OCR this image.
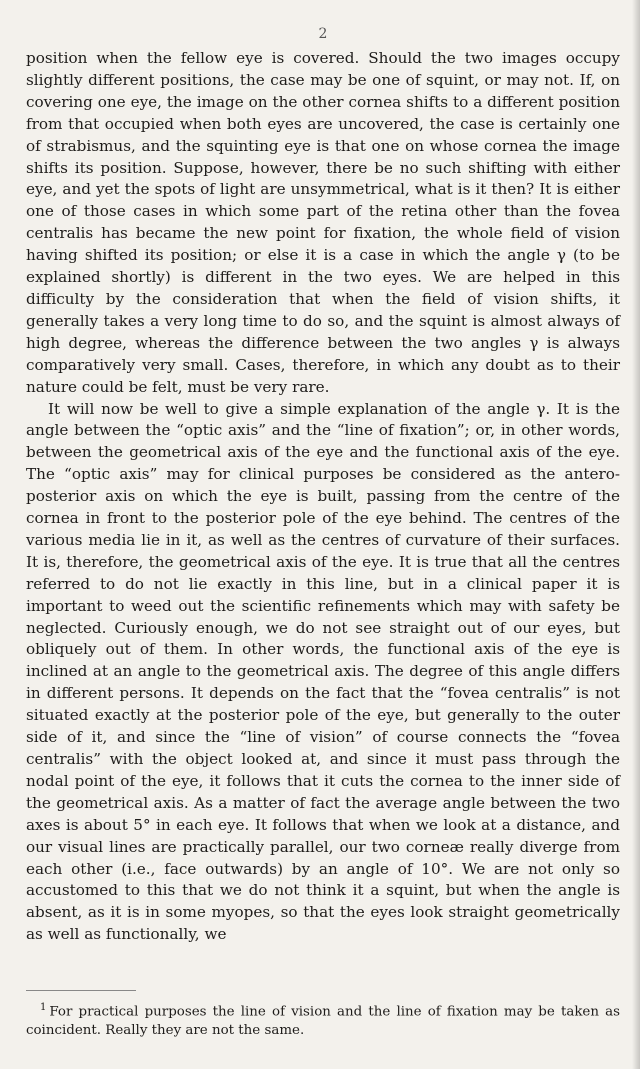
2

position when the fellow eye is covered. Should the two images occupy slightly different positions, the case may be one of squint, or may not. If, on covering one eye, the image on the other cornea shifts to a different position from that occupied when both eyes are uncovered, the case is certainly one of strabismus, and the squinting eye is that one on whose cornea the image shifts its position. Suppose, however, there be no such shifting with either eye, and yet the spots of light are unsymmetrical, what is it then? It is either one of those cases in which some part of the retina other than the fovea centralis has became the new point for fixation, the whole field of vision having shifted its position; or else it is a case in which the angle γ (to be explained shortly) is different in the two eyes. We are helped in this difficulty by the consideration that when the field of vision shifts, it generally takes a very long time to do so, and the squint is almost always of high degree, whereas the difference between the two angles γ is always comparatively very small. Cases, therefore, in which any doubt as to their nature could be felt, must be very rare.

It will now be well to give a simple explanation of the angle γ. It is the angle between the “optic axis” and the “line of fixation”; or, in other words, between the geometrical axis of the eye and the functional axis of the eye. The “optic axis” may for clinical purposes be considered as the antero-posterior axis on which the eye is built, passing from the centre of the cornea in front to the posterior pole of the eye behind. The centres of the various media lie in it, as well as the centres of curvature of their surfaces. It is, therefore, the geometrical axis of the eye. It is true that all the centres referred to do not lie exactly in this line, but in a clinical paper it is important to weed out the scientific refinements which may with safety be neglected. Curiously enough, we do not see straight out of our eyes, but obliquely out of them. In other words, the functional axis of the eye is inclined at an angle to the geometrical axis. The degree of this angle differs in different persons. It depends on the fact that the “fovea centralis” is not situated exactly at the posterior pole of the eye, but generally to the outer side of it, and since the “line of vision” of course connects the “fovea centralis” with the object looked at, and since it must pass through the nodal point of the eye, it follows that it cuts the cornea to the inner side of the geometrical axis. As a matter of fact the average angle between the two axes is about 5° in each eye. It follows that when we look at a distance, and our visual lines are practically parallel, our two corneæ really diverge from each other (i.e., face outwards) by an angle of 10°. We are not only so accustomed to this that we do not think it a squint, but when the angle is absent, as it is in some myopes, so that the eyes look straight geometrically as well as functionally, we

$^1$ For practical purposes the line of vision and the line of fixation may be taken as coincident. Really they are not the same.
